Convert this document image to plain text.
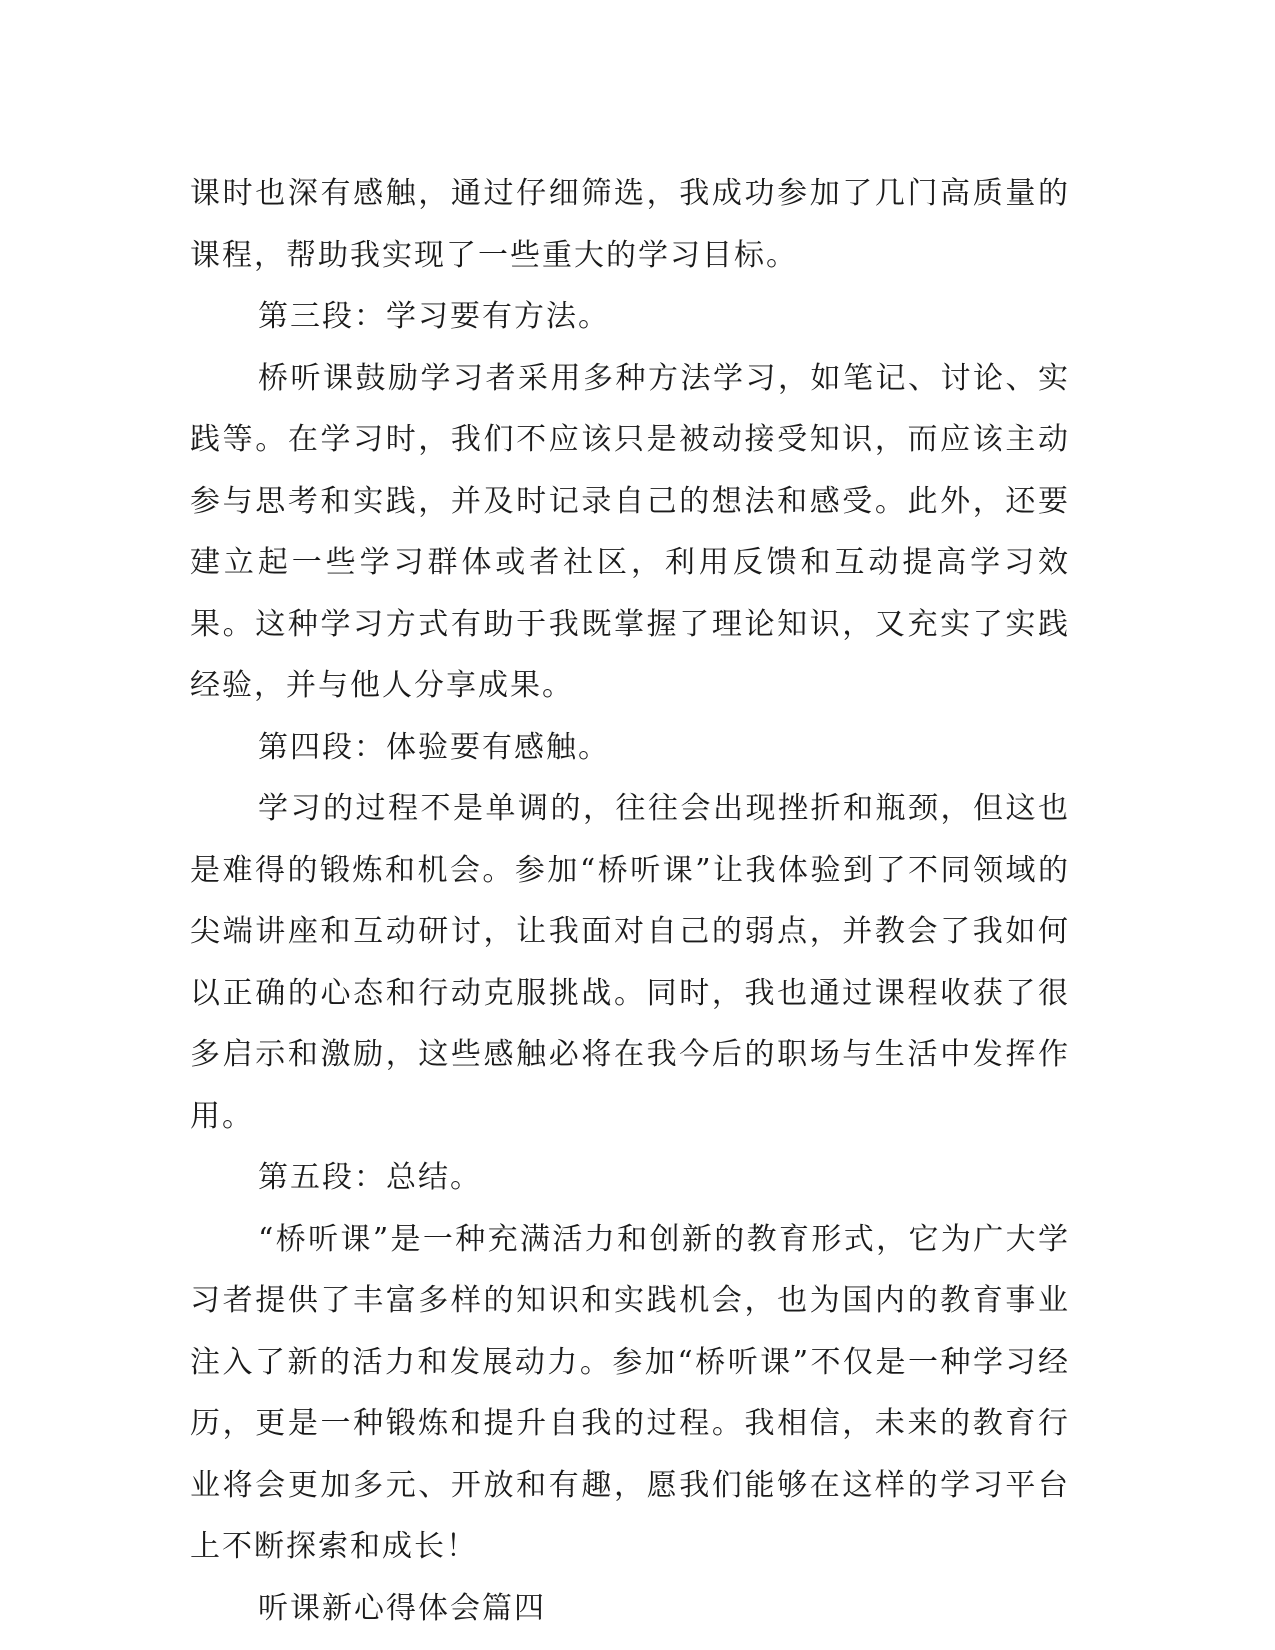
课时也深有感触，通过仔细筛选，我成功参加了几门高质量的课程，帮助我实现了一些重大的学习目标。

第三段：学习要有方法。

桥听课鼓励学习者采用多种方法学习，如笔记、讨论、实践等。在学习时，我们不应该只是被动接受知识，而应该主动参与思考和实践，并及时记录自己的想法和感受。此外，还要建立起一些学习群体或者社区，利用反馈和互动提高学习效果。这种学习方式有助于我既掌握了理论知识，又充实了实践经验，并与他人分享成果。

第四段：体验要有感触。

学习的过程不是单调的，往往会出现挫折和瓶颈，但这也是难得的锻炼和机会。参加“桥听课”让我体验到了不同领域的尖端讲座和互动研讨，让我面对自己的弱点，并教会了我如何以正确的心态和行动克服挑战。同时，我也通过课程收获了很多启示和激励，这些感触必将在我今后的职场与生活中发挥作用。

第五段：总结。

“桥听课”是一种充满活力和创新的教育形式，它为广大学习者提供了丰富多样的知识和实践机会，也为国内的教育事业注入了新的活力和发展动力。参加“桥听课”不仅是一种学习经历，更是一种锻炼和提升自我的过程。我相信，未来的教育行业将会更加多元、开放和有趣，愿我们能够在这样的学习平台上不断探索和成长！

听课新心得体会篇四
